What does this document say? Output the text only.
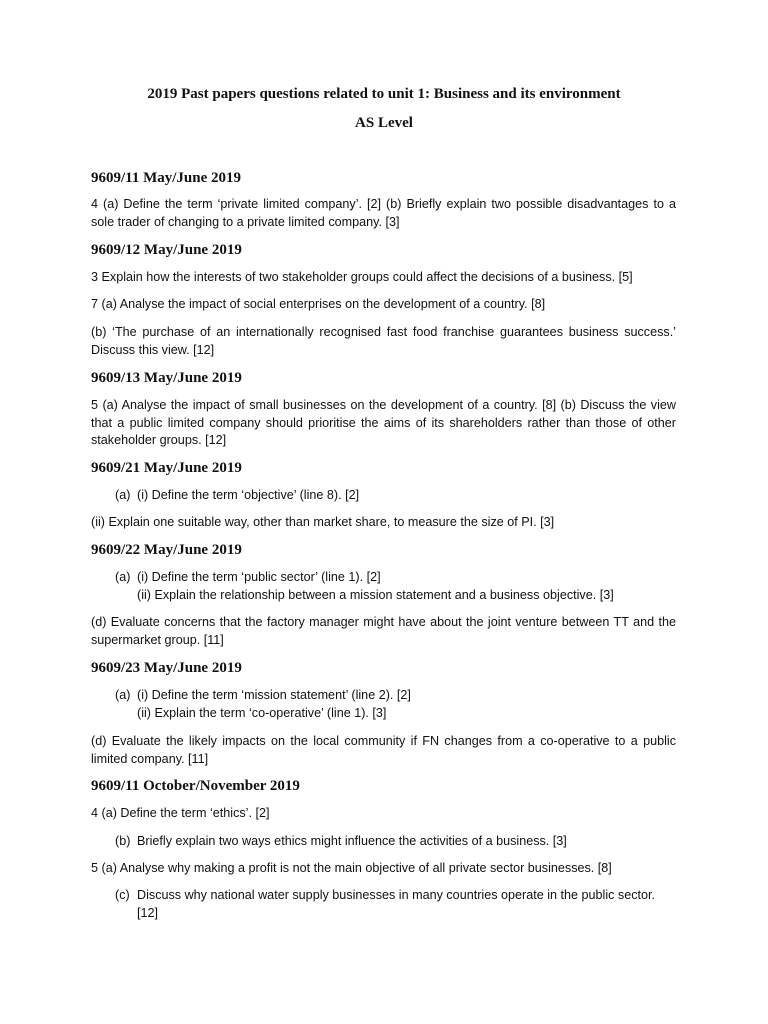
2019 Past papers questions related to unit 1: Business and its environment
AS Level
9609/11 May/June 2019
4 (a) Define the term ‘private limited company’. [2] (b) Briefly explain two possible disadvantages to a sole trader of changing to a private limited company. [3]
9609/12 May/June 2019
3 Explain how the interests of two stakeholder groups could affect the decisions of a business. [5]
7 (a) Analyse the impact of social enterprises on the development of a country. [8]
(b) ‘The purchase of an internationally recognised fast food franchise guarantees business success.’ Discuss this view. [12]
9609/13 May/June 2019
5 (a) Analyse the impact of small businesses on the development of a country. [8] (b) Discuss the view that a public limited company should prioritise the aims of its shareholders rather than those of other stakeholder groups. [12]
9609/21 May/June 2019
(a) (i) Define the term ‘objective’ (line 8). [2]
(ii) Explain one suitable way, other than market share, to measure the size of PI. [3]
9609/22 May/June 2019
(a) (i) Define the term ‘public sector’ (line 1). [2]
(ii) Explain the relationship between a mission statement and a business objective. [3]
(d) Evaluate concerns that the factory manager might have about the joint venture between TT and the supermarket group. [11]
9609/23 May/June 2019
(a) (i) Define the term ‘mission statement’ (line 2). [2]
(ii) Explain the term ‘co-operative’ (line 1). [3]
(d) Evaluate the likely impacts on the local community if FN changes from a co-operative to a public limited company. [11]
9609/11 October/November 2019
4 (a) Define the term ‘ethics’. [2]
(b) Briefly explain two ways ethics might influence the activities of a business. [3]
5 (a) Analyse why making a profit is not the main objective of all private sector businesses. [8]
(c) Discuss why national water supply businesses in many countries operate in the public sector.
[12]
